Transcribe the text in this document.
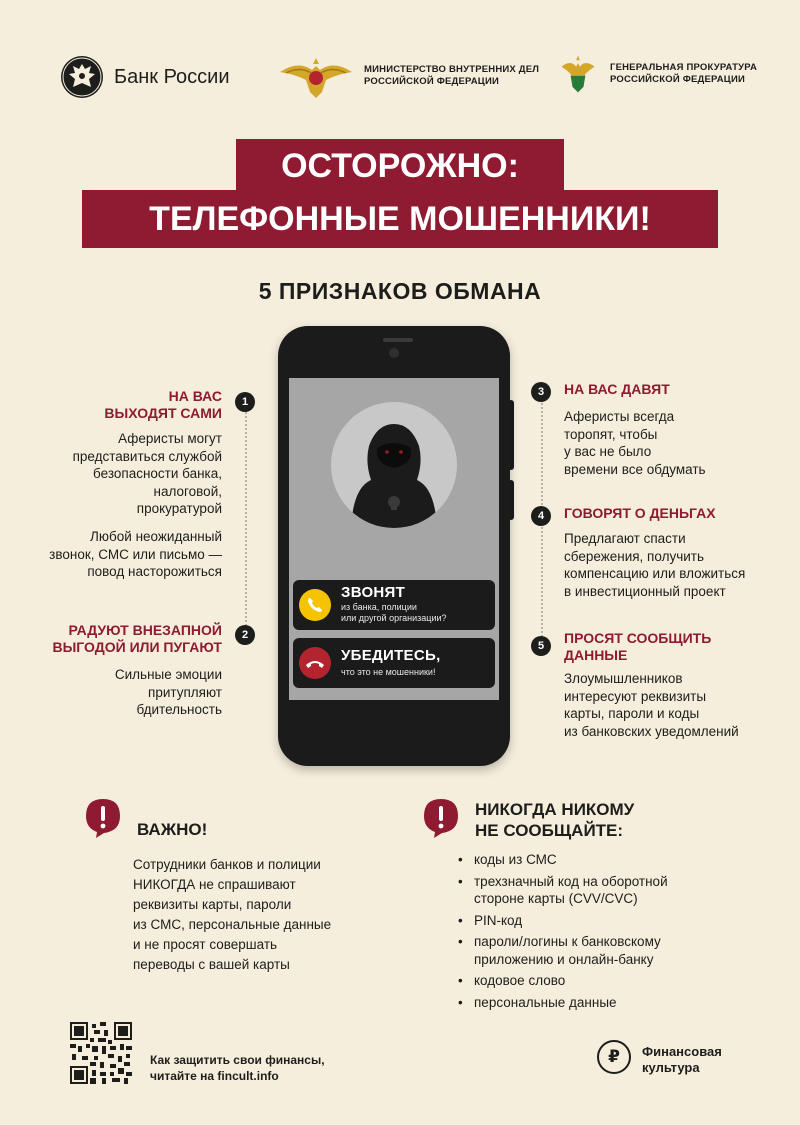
Банк России	МИНИСТЕРСТВО ВНУТРЕННИХ ДЕЛ
РОССИЙСКОЙ ФЕДЕРАЦИИ
ГЕНЕРАЛЬНАЯ ПРОКУРАТУРА
РОССИЙСКОЙ ФЕДЕРАЦИИ
ОСТОРОЖНО:
ТЕЛЕФОННЫЕ МОШЕННИКИ!
5 ПРИЗНАКОВ ОБМАНА
ЗВОНЯТ
из банка, полиции
или другой организации?
УБЕДИТЕСЬ,
что это не мошенники!
1
НА ВАС
ВЫХОДЯТ САМИ
Аферисты могут
представиться службой
безопасности банка,
налоговой,
прокуратурой
Любой неожиданный
звонок, СМС или письмо —
повод насторожиться
2
РАДУЮТ ВНЕЗАПНОЙ
ВЫГОДОЙ ИЛИ ПУГАЮТ
Сильные эмоции
притупляют
бдительность
3	НА ВАС ДАВЯТ
Аферисты всегда
торопят, чтобы
у вас не было
времени все обдумать
4	ГОВОРЯТ О ДЕНЬГАХ
Предлагают спасти
сбережения, получить
компенсацию или вложиться
в инвестиционный проект
5	ПРОСЯТ СООБЩИТЬ
ДАННЫЕ
Злоумышленников
интересуют реквизиты
карты, пароли и коды
из банковских уведомлений
ВАЖНО!
Сотрудники банков и полиции
НИКОГДА не спрашивают
реквизиты карты, пароли
из СМС, персональные данные
и не просят совершать
переводы с вашей карты
НИКОГДА НИКОМУ
НЕ СООБЩАЙТЕ:
• коды из СМС
• трехзначный код на оборотной
стороне карты (CVV/CVC)
• PIN-код
• пароли/логины к банковскому
приложению и онлайн-банку
• кодовое слово
• персональные данные
Как защитить свои финансы,
читайте на fincult.info
₽	Финансовая
культура
